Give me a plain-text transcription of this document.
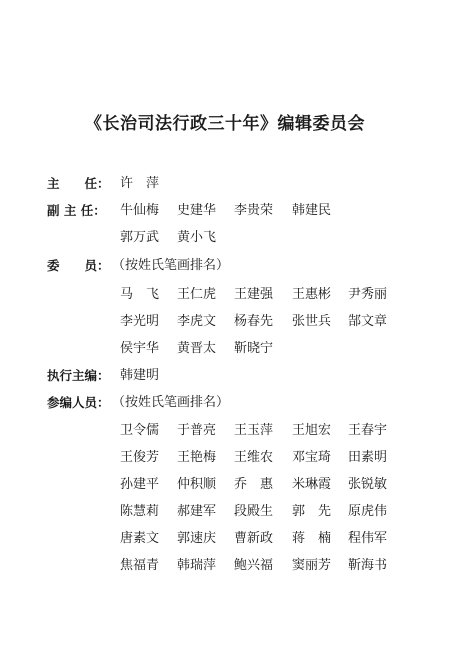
《长治司法行政三十年》编辑委员会
主　　任： 许　萍
副 主 任： 牛仙梅 史建华 李贵荣 韩建民
郭万武 黄小飞
委　　员： （按姓氏笔画排名）
马　飞 王仁虎 王建强 王惠彬 尹秀丽
李光明 李虎文 杨春先 张世兵 郜文章
侯宇华 黄晋太 靳晓宁
执行主编： 韩建明
参编人员： （按姓氏笔画排名）
卫令儒 于普亮 王玉萍 王旭宏 王春宇
王俊芳 王艳梅 王维农 邓宝琦 田素明
孙建平 仲积顺 乔　惠 米琳霞 张锐敏
陈慧莉 郝建军 段殿生 郭　先 原虎伟
唐素文 郭速庆 曹新政 蒋　楠 程伟军
焦福青 韩瑞萍 鲍兴福 窦丽芳 靳海书
